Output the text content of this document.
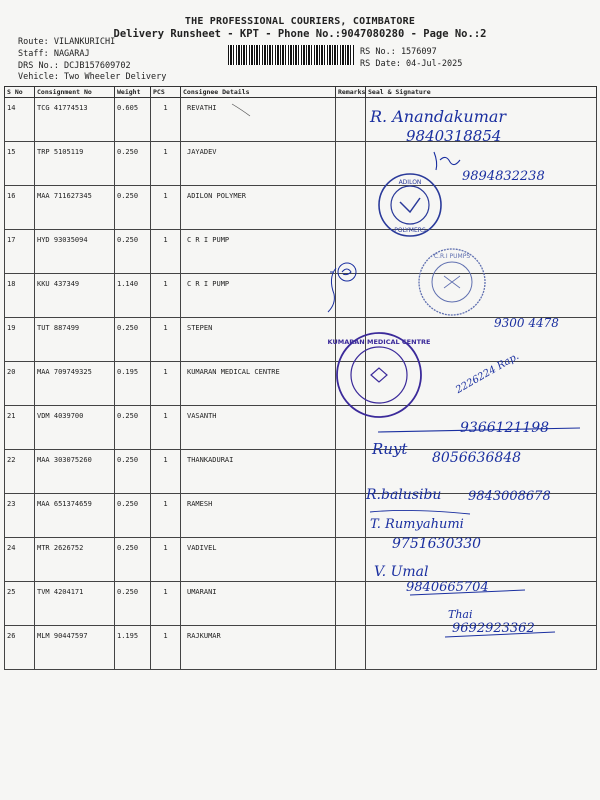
THE PROFESSIONAL COURIERS, COIMBATORE
Delivery Runsheet - KPT - Phone No.:9047080280 - Page No.:2
Route: VILANKURICHI
Staff: NAGARAJ
DRS No.: DCJB157609702
Vehicle: Two Wheeler Delivery
RS No.: 1576097
RS Date: 04-Jul-2025
S No	Consignment No	Weight	PCS	Consignee Details	Remarks	Seal & Signature
14	TCG 41774513	0.605	1	REVATHI		
15	TRP 5105119	0.250	1	JAYADEV		
16	MAA 711627345	0.250	1	ADILON POLYMER		
17	HYD 93035094	0.250	1	C R I PUMP		
18	KKU 437349	1.140	1	C R I PUMP		
19	TUT 887499	0.250	1	STEPEN		
20	MAA 709749325	0.195	1	KUMARAN MEDICAL CENTRE		
21	VDM 4039700	0.250	1	VASANTH		
22	MAA 303075260	0.250	1	THANKADURAI		
23	MAA 651374659	0.250	1	RAMESH		
24	MTR 2626752	0.250	1	VADIVEL		
25	TVM 4204171	0.250	1	UMARANI		
26	MLM 90447597	1.195	1	RAJKUMAR		
ADILON
POLYMERS
C.R.I PUMPS
KUMARAN MEDICAL CENTRE
R. Anandakumar
9840318854
9894832238
9300 4478
2226224 Rap.
9366121198
Ruyt 8056636848
R.balusibu 9843008678
T. Rumyahumi
9751630330
V. Umal
9840665704
Thai
9692923362
